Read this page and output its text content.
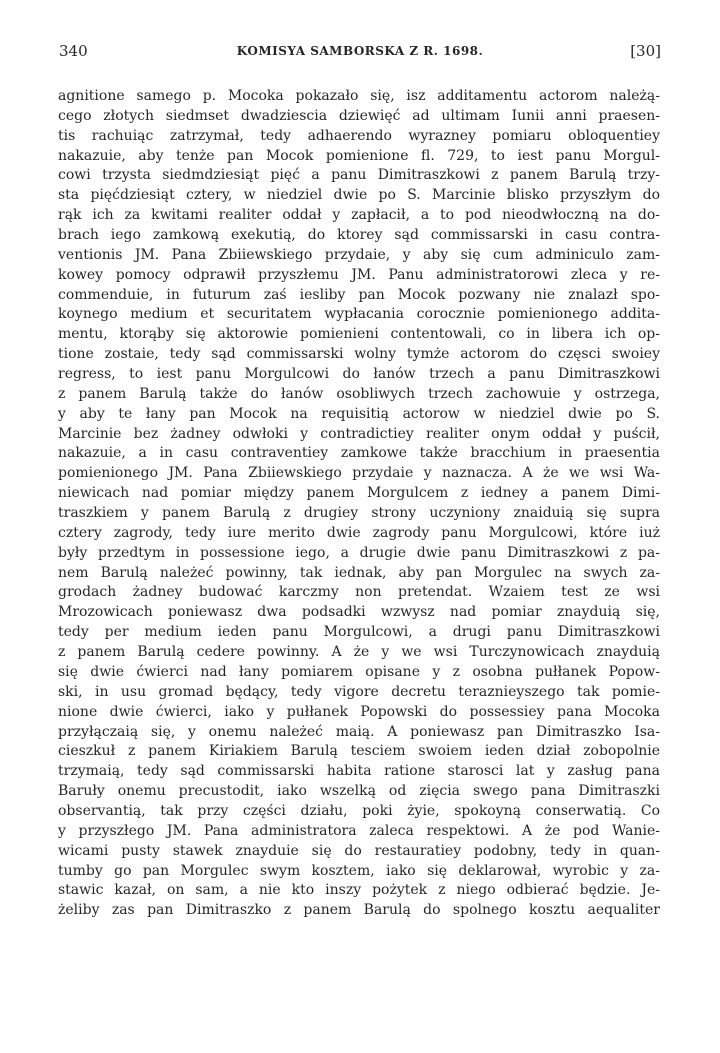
340	KOMISYA SAMBORSKA Z R. 1698.	[30]
agnitione samego p. Mocoka pokazało się, isz additamentu actorom należą-
cego złotych siedmset dwadziescia dziewięć ad ultimam Iunii anni praesen-
tis rachuiąc zatrzymał, tedy adhaerendo wyrazney pomiaru obloquentiey
nakazuie, aby tenże pan Mocok pomienione fl. 729, to iest panu Morgul-
cowi trzysta siedmdziesiąt pięć a panu Dimitraszkowi z panem Barulą trzy-
sta pięćdziesiąt cztery, w niedziel dwie po S. Marcinie blisko przyszłym do
rąk ich za kwitami realiter oddał y zapłacił, a to pod nieodwłoczną na do-
brach iego zamkową exekutią, do ktorey sąd commissarski in casu contra-
ventionis JM. Pana Zbiiewskiego przydaie, y aby się cum adminiculo zam-
kowey pomocy odprawił przyszłemu JM. Panu administratorowi zleca y re-
commenduie, in futurum zaś iesliby pan Mocok pozwany nie znalazł spo-
koynego medium et securitatem wypłacania corocznie pomienionego addita-
mentu, ktorąby się aktorowie pomienieni contentowali, co in libera ich op-
tione zostaie, tedy sąd commissarski wolny tymże actorom do częsci swoiey
regress, to iest panu Morgulcowi do łanów trzech a panu Dimitraszkowi
z panem Barulą także do łanów osobliwych trzech zachowuie y ostrzega,
y aby te łany pan Mocok na requisitią actorow w niedziel dwie po S.
Marcinie bez żadney odwłoki y contradictiey realiter onym oddał y puścił,
nakazuie, a in casu contraventiey zamkowe także bracchium in praesentia
pomienionego JM. Pana Zbiiewskiego przydaie y naznacza. A że we wsi Wa-
niewicach nad pomiar między panem Morgulcem z iedney a panem Dimi-
traszkiem y panem Barulą z drugiey strony uczyniony znaiduią się supra
cztery zagrody, tedy iure merito dwie zagrody panu Morgulcowi, które iuż
były przedtym in possessione iego, a drugie dwie panu Dimitraszkowi z pa-
nem Barulą należeć powinny, tak iednak, aby pan Morgulec na swych za-
grodach żadney budować karczmy non pretendat. Wzaiem test ze wsi
Mrozowicach poniewasz dwa podsadki wzwysz nad pomiar znayduią się,
tedy per medium ieden panu Morgulcowi, a drugi panu Dimitraszkowi
z panem Barulą cedere powinny. A że y we wsi Turczynowicach znayduią
się dwie ćwierci nad łany pomiarem opisane y z osobna pułłanek Popow-
ski, in usu gromad będący, tedy vigore decretu teraznieyszego tak pomie-
nione dwie ćwierci, iako y pułłanek Popowski do possessiey pana Mocoka
przyłączaią się, y onemu należeć maią. A poniewasz pan Dimitraszko Isa-
cieszkuł z panem Kiriakiem Barulą tesciem swoiem ieden dział zobopolnie
trzymaią, tedy sąd commissarski habita ratione starosci lat y zasług pana
Baruły onemu precustodit, iako wszelką od zięcia swego pana Dimitraszki
observantią, tak przy części działu, poki żyie, spokoyną conserwatią. Co
y przyszłego JM. Pana administratora zaleca respektowi. A że pod Wanie-
wicami pusty stawek znayduie się do restauratiey podobny, tedy in quan-
tumby go pan Morgulec swym kosztem, iako się deklarował, wyrobic y za-
stawic kazał, on sam, a nie kto inszy pożytek z niego odbierać będzie. Je-
żeliby zas pan Dimitraszko z panem Barulą do spolnego kosztu aequaliter
